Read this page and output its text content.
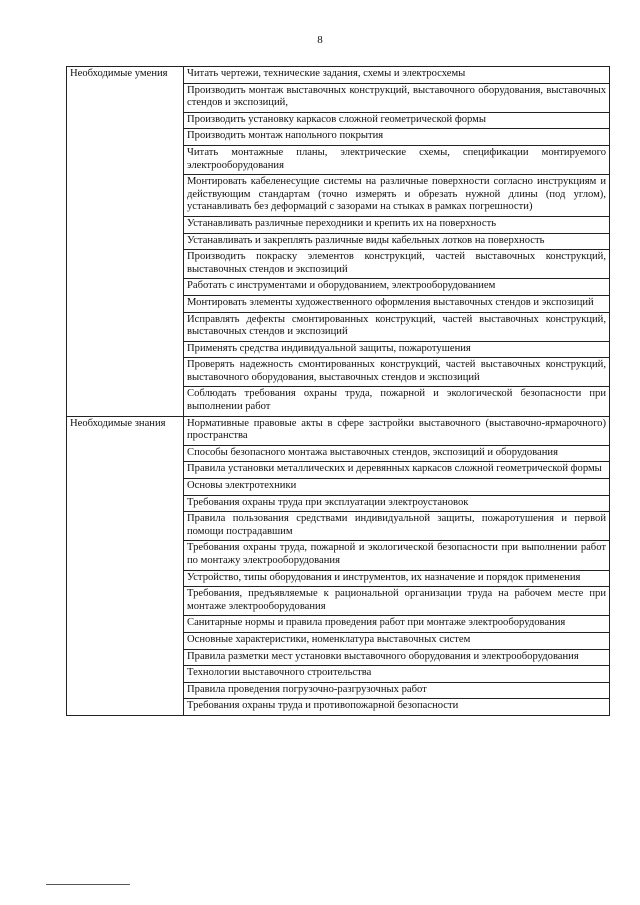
8
Необходимые умения	Читать чертежи, технические задания, схемы и электросхемы
	Производить монтаж выставочных конструкций, выставочного оборудования, выставочных стендов и экспозиций,
	Производить установку каркасов сложной геометрической формы
	Производить монтаж напольного покрытия
	Читать монтажные планы, электрические схемы, спецификации монтируемого электрооборудования
	Монтировать кабеленесущие системы на различные поверхности согласно инструкциям и действующим стандартам (точно измерять и обрезать нужной длины (под углом), устанавливать без деформаций с зазорами на стыках в рамках погрешности)
	Устанавливать различные переходники и крепить их на поверхность
	Устанавливать и закреплять различные виды кабельных лотков на поверхность
	Производить покраску элементов конструкций, частей выставочных конструкций, выставочных стендов и экспозиций
	Работать с инструментами и оборудованием, электрооборудованием
	Монтировать элементы художественного оформления выставочных стендов и экспозиций
	Исправлять дефекты смонтированных конструкций, частей выставочных конструкций, выставочных стендов и экспозиций
	Применять средства индивидуальной защиты, пожаротушения
	Проверять надежность смонтированных конструкций, частей выставочных конструкций, выставочного оборудования, выставочных стендов и экспозиций
	Соблюдать требования охраны труда, пожарной и экологической безопасности при выполнении работ
Необходимые знания	Нормативные правовые акты в сфере застройки выставочного (выставочно-ярмарочного) пространства
	Способы безопасного монтажа выставочных стендов, экспозиций и оборудования
	Правила установки металлических и деревянных каркасов сложной геометрической формы
	Основы электротехники
	Требования охраны труда при эксплуатации электроустановок
	Правила пользования средствами индивидуальной защиты, пожаротушения и первой помощи пострадавшим
	Требования охраны труда, пожарной и экологической безопасности при выполнении работ по монтажу электрооборудования
	Устройство, типы оборудования и инструментов, их назначение и порядок применения
	Требования, предъявляемые к рациональной организации труда на рабочем месте при монтаже электрооборудования
	Санитарные нормы и правила проведения работ при монтаже электрооборудования
	Основные характеристики, номенклатура выставочных систем
	Правила разметки мест установки выставочного оборудования и электрооборудования
	Технологии выставочного строительства
	Правила проведения погрузочно-разгрузочных работ
	Требования охраны труда и противопожарной безопасности
